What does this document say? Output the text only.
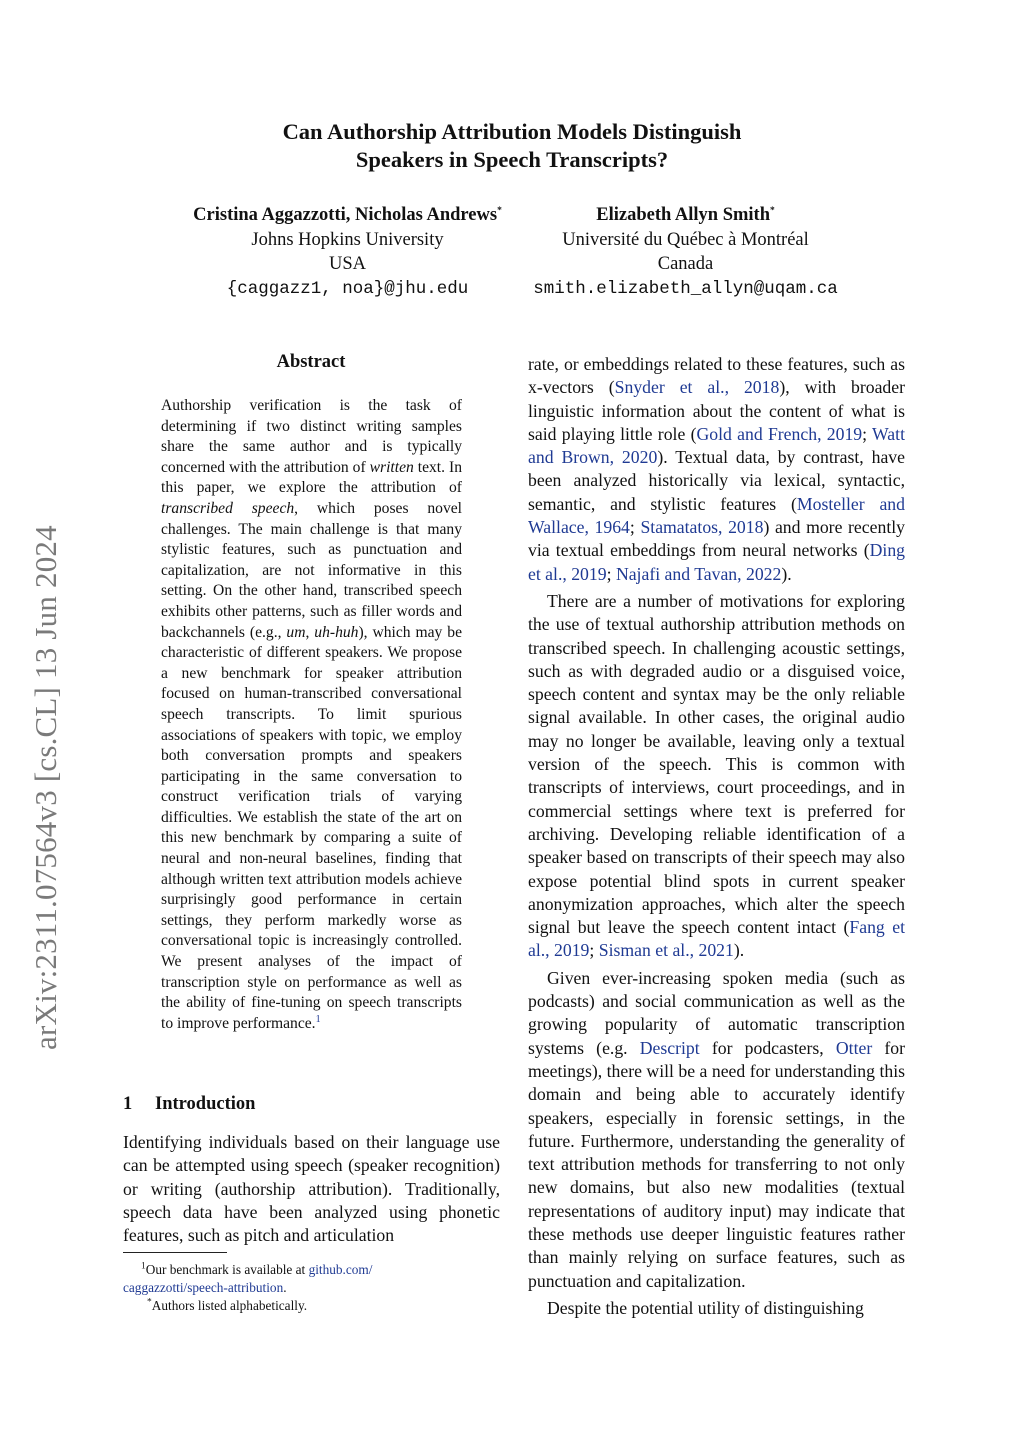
Can Authorship Attribution Models Distinguish
Speakers in Speech Transcripts?
Cristina Aggazzotti, Nicholas Andrews*
Johns Hopkins University
USA
{caggazz1, noa}@jhu.edu
Elizabeth Allyn Smith*
Université du Québec à Montréal
Canada
smith.elizabeth_allyn@uqam.ca
arXiv:2311.07564v3 [cs.CL] 13 Jun 2024
Abstract
Authorship verification is the task of determining if two distinct writing samples share the same author and is typically concerned with the attribution of written text. In this paper, we explore the attribution of transcribed speech, which poses novel challenges. The main challenge is that many stylistic features, such as punctuation and capitalization, are not informative in this setting. On the other hand, transcribed speech exhibits other patterns, such as filler words and backchannels (e.g., um, uh-huh), which may be characteristic of different speakers. We propose a new benchmark for speaker attribution focused on human-transcribed conversational speech transcripts. To limit spurious associations of speakers with topic, we employ both conversation prompts and speakers participating in the same conversation to construct verification trials of varying difficulties. We establish the state of the art on this new benchmark by comparing a suite of neural and non-neural baselines, finding that although written text attribution models achieve surprisingly good performance in certain settings, they perform markedly worse as conversational topic is increasingly controlled. We present analyses of the impact of transcription style on performance as well as the ability of fine-tuning on speech transcripts to improve performance.$^1$
1 Introduction
Identifying individuals based on their language use can be attempted using speech (speaker recognition) or writing (authorship attribution). Traditionally, speech data have been analyzed using phonetic features, such as pitch and articulation
$^1$Our benchmark is available at github.com/
caggazzotti/speech-attribution.
*Authors listed alphabetically.

rate, or embeddings related to these features, such as x-vectors (Snyder et al., 2018), with broader linguistic information about the content of what is said playing little role (Gold and French, 2019; Watt and Brown, 2020). Textual data, by contrast, have been analyzed historically via lexical, syntactic, semantic, and stylistic features (Mosteller and Wallace, 1964; Stamatatos, 2018) and more recently via textual embeddings from neural networks (Ding et al., 2019; Najafi and Tavan, 2022).

There are a number of motivations for exploring the use of textual authorship attribution methods on transcribed speech. In challenging acoustic settings, such as with degraded audio or a disguised voice, speech content and syntax may be the only reliable signal available. In other cases, the original audio may no longer be available, leaving only a textual version of the speech. This is common with transcripts of interviews, court proceedings, and in commercial settings where text is preferred for archiving. Developing reliable identification of a speaker based on transcripts of their speech may also expose potential blind spots in current speaker anonymization approaches, which alter the speech signal but leave the speech content intact (Fang et al., 2019; Sisman et al., 2021).

Given ever-increasing spoken media (such as podcasts) and social communication as well as the growing popularity of automatic transcription systems (e.g. Descript for podcasters, Otter for meetings), there will be a need for understanding this domain and being able to accurately identify speakers, especially in forensic settings, in the future. Furthermore, understanding the generality of text attribution methods for transferring to not only new domains, but also new modalities (textual representations of auditory input) may indicate that these methods use deeper linguistic features rather than mainly relying on surface features, such as punctuation and capitalization.

Despite the potential utility of distinguishing
